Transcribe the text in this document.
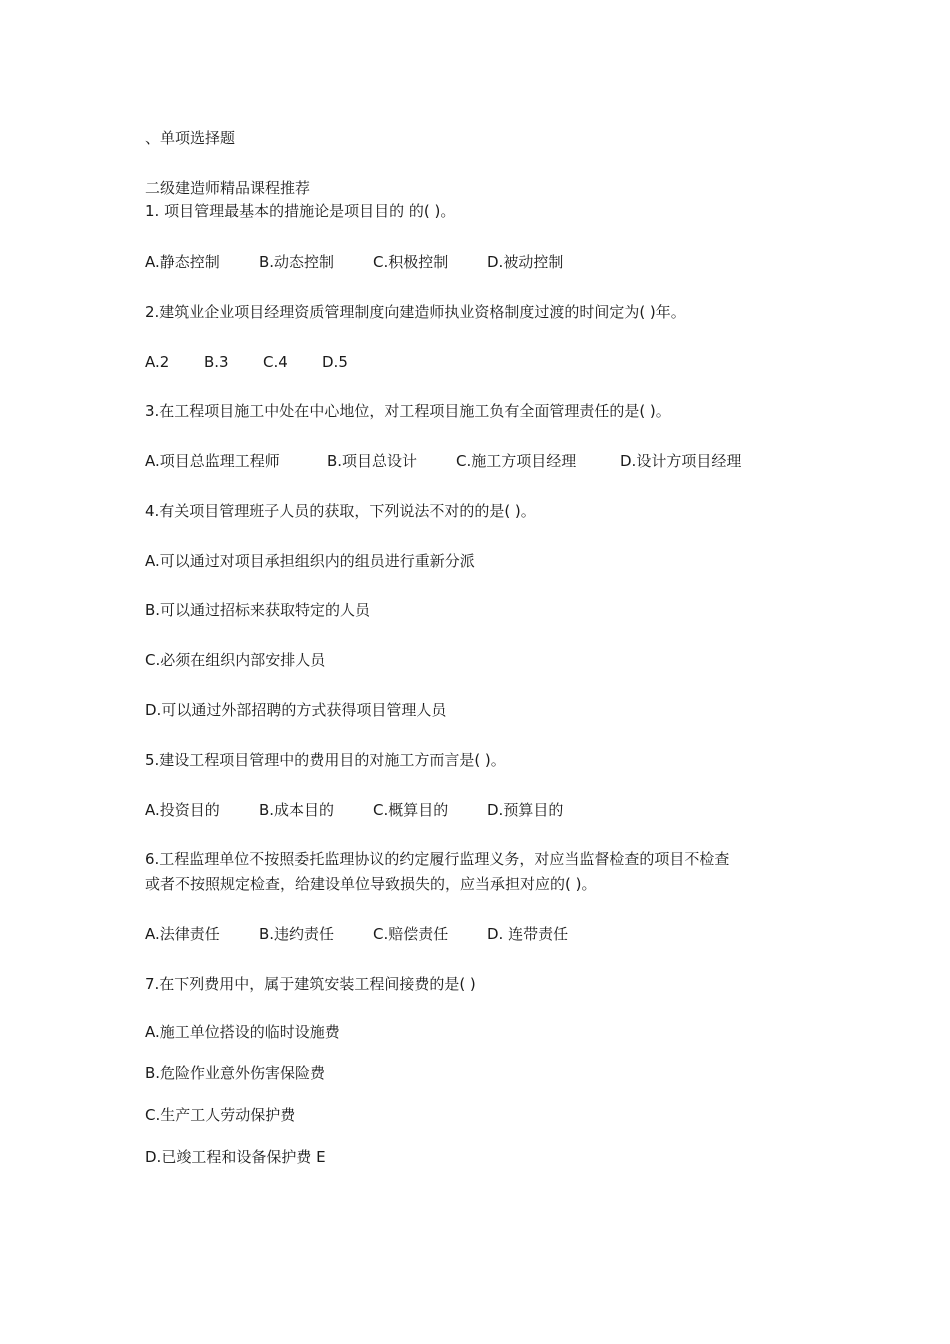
、单项选择题
二级建造师精品课程推荐
1. 项目管理最基本的措施论是项目目的 的( )。
A.静态控制	B.动态控制	C.积极控制	D.被动控制
2.建筑业企业项目经理资质管理制度向建造师执业资格制度过渡的时间定为( )年。
A.2 B.3 C.4 D.5
3.在工程项目施工中处在中心地位，对工程项目施工负有全面管理责任的是( )。
A.项目总监理工程师	B.项目总设计	C.施工方项目经理	D.设计方项目经理
4.有关项目管理班子人员的获取，下列说法不对的的是( )。
A.可以通过对项目承担组织内的组员进行重新分派
B.可以通过招标来获取特定的人员
C.必须在组织内部安排人员
D.可以通过外部招聘的方式获得项目管理人员
5.建设工程项目管理中的费用目的对施工方而言是( )。
A.投资目的	B.成本目的	C.概算目的	D.预算目的
6.工程监理单位不按照委托监理协议的约定履行监理义务，对应当监督检查的项目不检查
或者不按照规定检查，给建设单位导致损失的，应当承担对应的( )。
A.法律责任	B.违约责任	C.赔偿责任	D. 连带责任
7.在下列费用中，属于建筑安装工程间接费的是( )
A.施工单位搭设的临时设施费
B.危险作业意外伤害保险费
C.生产工人劳动保护费
D.已竣工程和设备保护费 E
